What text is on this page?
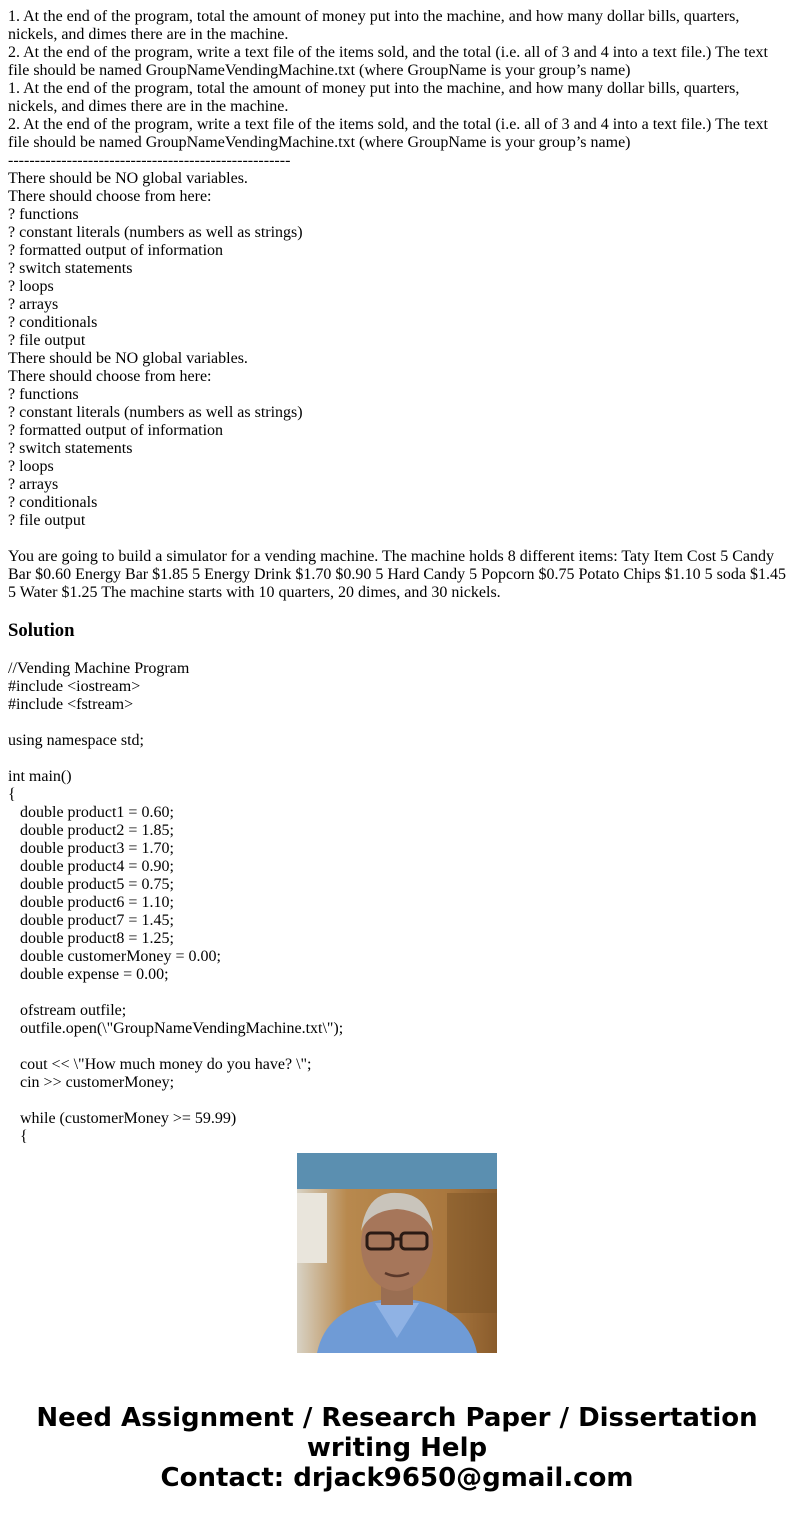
1. At the end of the program, total the amount of money put into the machine, and how many dollar bills, quarters, nickels, and dimes there are in the machine.
2. At the end of the program, write a text file of the items sold, and the total (i.e. all of 3 and 4 into a text file.) The text file should be named GroupNameVendingMachine.txt (where GroupName is your group’s name)
1. At the end of the program, total the amount of money put into the machine, and how many dollar bills, quarters, nickels, and dimes there are in the machine.
2. At the end of the program, write a text file of the items sold, and the total (i.e. all of 3 and 4 into a text file.) The text file should be named GroupNameVendingMachine.txt (where GroupName is your group’s name)
-----------------------------------------------------
There should be NO global variables.
There should choose from here:
? functions
? constant literals (numbers as well as strings)
? formatted output of information
? switch statements
? loops
? arrays
? conditionals
? file output
There should be NO global variables.
There should choose from here:
? functions
? constant literals (numbers as well as strings)
? formatted output of information
? switch statements
? loops
? arrays
? conditionals
? file output

You are going to build a simulator for a vending machine. The machine holds 8 different items: Taty Item Cost 5 Candy Bar $0.60 Energy Bar $1.85 5 Energy Drink $1.70 $0.90 5 Hard Candy 5 Popcorn $0.75 Potato Chips $1.10 5 soda $1.45 5 Water $1.25 The machine starts with 10 quarters, 20 dimes, and 30 nickels.

Solution
//Vending Machine Program
#include <iostream>
#include <fstream>
using namespace std;
int main()
{
double product1 = 0.60;
double product2 = 1.85;
double product3 = 1.70;
double product4 = 0.90;
double product5 = 0.75;
double product6 = 1.10;
double product7 = 1.45;
double product8 = 1.25;
double customerMoney = 0.00;
double expense = 0.00;
ofstream outfile;
outfile.open(\"GroupNameVendingMachine.txt\");
cout << \"How much money do you have? \";
cin >> customerMoney;
while (customerMoney >= 59.99)
{
Need Assignment / Research Paper / Dissertation
writing Help
Contact: drjack9650@gmail.com
